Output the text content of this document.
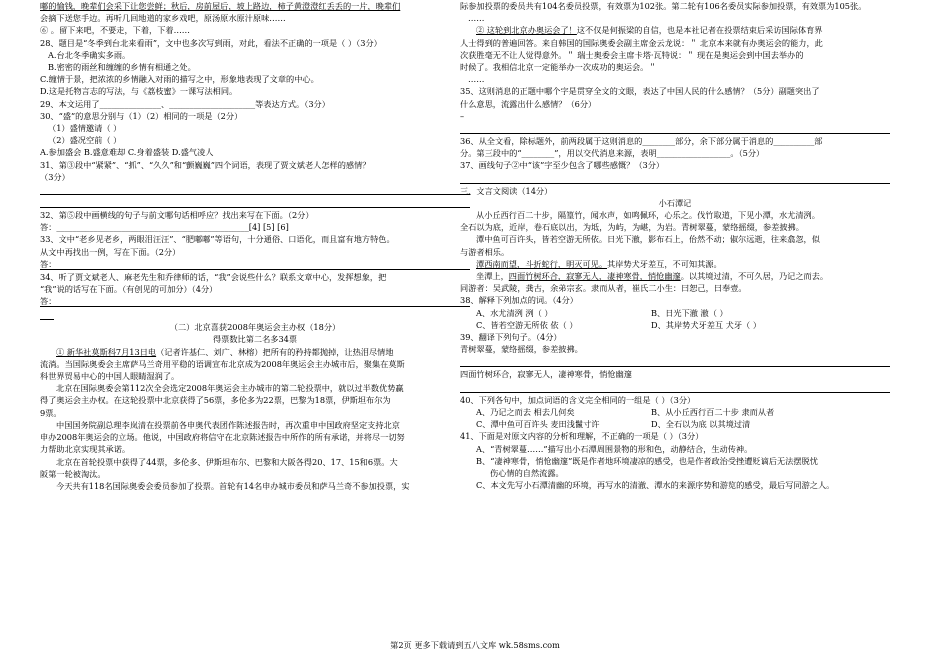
嘟的愉钱，晚辈们会采下让您尝鲜；秋后，房前屋后，坡上路边，柿子黄澄澄红丢丢的一片，晚辈们
会摘下送您手边。再听几回地道的家乡戏吧，原汤原水原汁原味……
⑥ 。留下来吧，不要走，下着，下着……
28、题目是“冬季到台北来看雨”，文中也多次写到雨，对此，看法不正确的一项是（ ）（3分）
A.台北冬季确实多雨。
B.密密的雨丝和缠缠的乡情有相通之处。
C.缠情于景，把浓浓的乡情融入对雨的描写之中，形象地表现了文章的中心。
D.这是托物言志的写法，与《荔枝蜜》一课写法相同。
29、本文运用了_______________、_____________________等表达方式。（3分）
30、“盛”的意思分别与（1）（2）相同的一项是（2分）
（1）盛情邀请（ ）
（2）盛况空前（ ）
A.参加盛会 B.盛意难却 C.身着盛装 D.盛气凌人
31、第③段中“紧紧”、“抓”、“久久”和“颤巍巍”四个词语，表现了贾文斌老人怎样的感情？
（3分）
32、第⑤段中画横线的句子与前文哪句话相呼应？找出来写在下面。（2分）
答：_______________________________________________[4] [5] [6]
33、文中“老乡见老乡，两眼泪汪汪”、“肥嘟嘟”等语句，十分通俗、口语化，而且富有地方特色。
从文中再找出一例，写在下面。（2分）
答：
34、听了贾文斌老人、麻老先生和乔律师的话，“我”会说些什么？联系文章中心，发挥想象，把
“我”说的话写在下面。（有创见的可加分）（4分）
答：
（二）北京喜获2008年奥运会主办权（18分）
得票数比第二名多34票
① 新华社莫斯科7月13日电（记者许基仁、刘广、林榕）把所有的矜持都抛掉，让热泪尽情地
流淌。当国际奥委会主席萨马兰奇用平稳的语调宣布北京成为2008年奥运会主办城市后，聚集在莫斯
科世界贸易中心的中国人眼睛湿润了。
北京在国际奥委会第112次全会选定2008年奥运会主办城市的第二轮投票中，就以过半数优势赢
得了奥运会主办权。在这轮投票中北京获得了56票，多伦多为22票，巴黎为18票，伊斯坦布尔为
9票。
中国国务院副总理李岚清在投票前各申奥代表团作陈述报告时，再次重申中国政府坚定支持北京
申办2008年奥运会的立场。他说，中国政府将信守在北京陈述报告中所作的所有承诺，并将尽一切努
力帮助北京实现其承诺。
北京在首轮投票中获得了44票，多伦多、伊斯坦布尔、巴黎和大阪各得20、17、15和6票。大
阪第一轮被淘汰。
今天共有118名国际奥委会委员参加了投票。首轮有14名申办城市委员和萨马兰奇不参加投票，实
际参加投票的委员共有104名委员投票，有效票为102张。第二轮有106名委员实际参加投票，有效票为105张。
……
② 这轮到北京办奥运会了！这不仅是何振梁的自信，也是本社记者在投票结束后采访国际体育界
人士得到的普遍回答。来自韩国的国际奥委会副主席金云龙说：＂ 北京本来就有办奥运会的能力，此
次获胜毫无不让人觉得意外。＂ 瑞士奥委会主席卡塔·瓦特说：＂ 现在是奥运会到中国去举办的
时候了。我相信北京一定能举办一次成功的奥运会。＂
……
35、这则消息的正题中哪个字是贯穿全文的文眼，表达了中国人民的什么感情？（5分）副题突出了
什么意思，流露出什么感情？（6分）
–
36、从全文看，除标题外，前两段属于这则消息的________部分，余下部分属于消息的__________部
分。第三段中的“________”，用以交代消息来源，表明__________________。（5分）
37、画线句子②中“该”字至少包含了哪些感慨？（3分）
三、文言文阅读（14分）
小石潭记
从小丘西行百二十步，隔篁竹，闻水声，如鸣佩环，心乐之。伐竹取道，下见小潭，水尤清洌。
全石以为底，近岸，卷石底以出，为坻，为屿，为嵁，为岩。青树翠蔓，蒙络摇缀，参差披拂。
潭中鱼可百许头，皆若空游无所依。日光下澈，影布石上，佁然不动；俶尔远逝，往来翕忽，似
与游者相乐。
潭西南而望，斗折蛇行，明灭可见。其岸势犬牙差互，不可知其源。
坐潭上，四面竹树环合，寂寥无人，凄神寒骨，悄怆幽邃。以其境过清，不可久居，乃记之而去。
同游者：吴武陵，龚古，余弟宗玄。隶而从者，崔氏二小生：曰恕己，曰奉壹。
38、解释下列加点的词。（4分）
A、水尤清洌 洌（ ）	B、日光下澈 澈（ ）
C、皆若空游无所依 依（ ）	D、其岸势犬牙差互 犬牙（ ）
39、翻译下列句子。（4分）
青树翠蔓，蒙络摇缀，参差披拂。
四面竹树环合，寂寥无人，凄神寒骨，悄怆幽邃
40、下列各句中，加点词语的含义完全相同的一组是（ ）（3分）
A、乃记之而去 相去几何矣	B、从小丘西行百二十步 隶而从者
C、潭中鱼可百许头 麦田浅鬣寸许	D、全石以为底 以其境过清
41、下面是对原文内容的分析和理解，不正确的一项是（ ）（3分）
A、“青树翠蔓……”描写出小石潭周围景物的形和色，动静结合，生动传神。
B、“凄神寒骨，悄怆幽邃”既是作者地环境凄凉的感受，也是作者政治受挫遭贬谪后无法摆脱忧
伤心情的自然流露。
C、本文先写小石潭清幽的环境，再写水的清澈、潭水的来源序势和游览的感受，最后写同游之人。
第2页 更多下载请到五八文库 wk.58sms.com
